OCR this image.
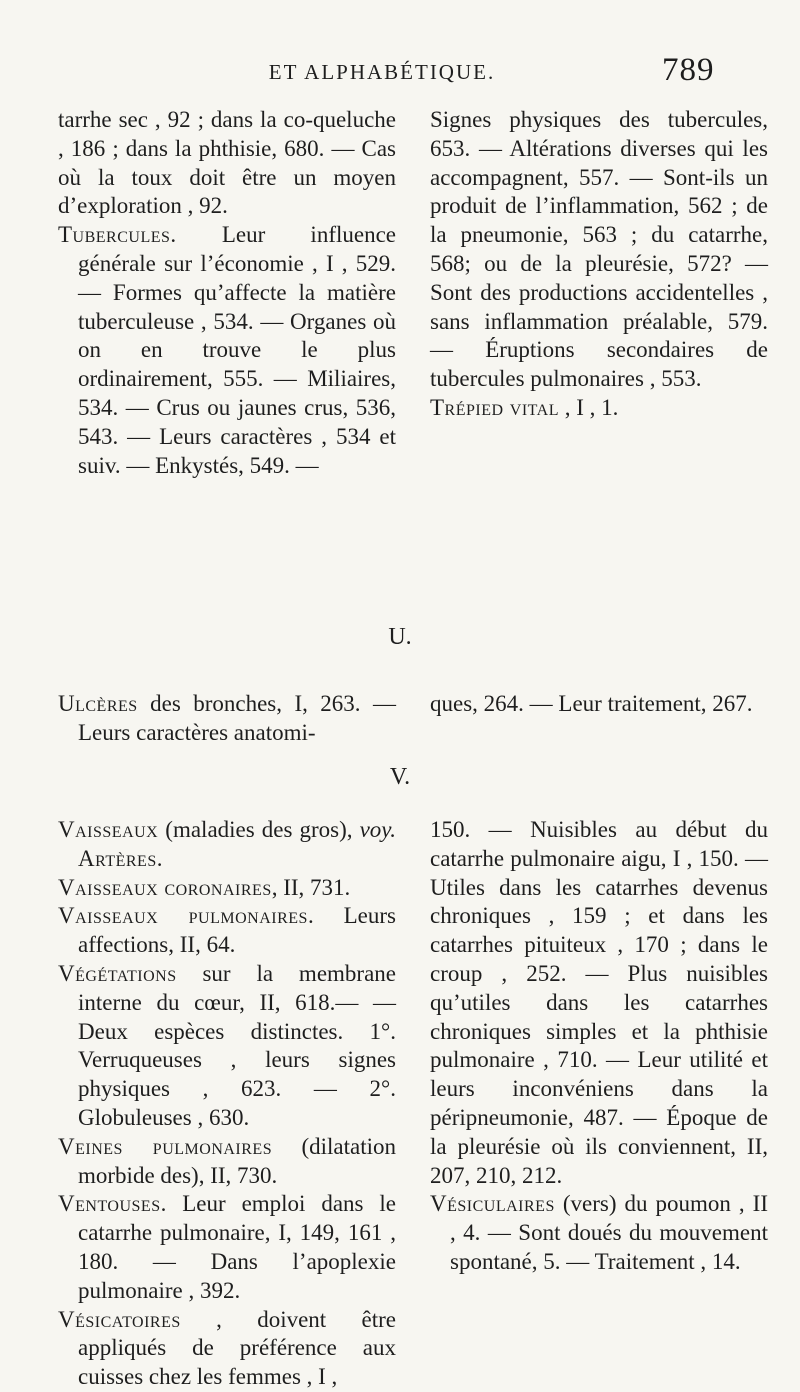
ET ALPHABÉTIQUE.	789

tarrhe sec , 92 ; dans la co-queluche , 186 ; dans la phthisie, 680. — Cas où la toux doit être un moyen d’exploration , 92.

Tubercules. Leur influence générale sur l’économie , I , 529. — Formes qu’affecte la matière tuberculeuse , 534. — Organes où on en trouve le plus ordinairement, 555. — Miliaires, 534. — Crus ou jaunes crus, 536, 543. — Leurs caractères , 534 et suiv. — Enkystés, 549. —

Signes physiques des tubercules, 653. — Altérations diverses qui les accompagnent, 557. — Sont-ils un produit de l’inflammation, 562 ; de la pneumonie, 563 ; du catarrhe, 568; ou de la pleurésie, 572? — Sont des productions accidentelles , sans inflammation préalable, 579. — Éruptions secondaires de tubercules pulmonaires , 553.

Trépied vital , I , 1.

U.

Ulcères des bronches, I, 263. — Leurs caractères anatomi-

ques, 264. — Leur traitement, 267.

V.

Vaisseaux (maladies des gros), voy. Artères.

Vaisseaux coronaires, II, 731.

Vaisseaux pulmonaires. Leurs affections, II, 64.

Végétations sur la membrane interne du cœur, II, 618.— — Deux espèces distinctes. 1°. Verruqueuses , leurs signes physiques , 623. — 2°. Globuleuses , 630.

Veines pulmonaires (dilatation morbide des), II, 730.

Ventouses. Leur emploi dans le catarrhe pulmonaire, I, 149, 161 , 180. — Dans l’apoplexie pulmonaire , 392.

Vésicatoires , doivent être appliqués de préférence aux cuisses chez les femmes , I ,

150. — Nuisibles au début du catarrhe pulmonaire aigu, I , 150. — Utiles dans les catarrhes devenus chroniques , 159 ; et dans les catarrhes pituiteux , 170 ; dans le croup , 252. — Plus nuisibles qu’utiles dans les catarrhes chroniques simples et la phthisie pulmonaire , 710. — Leur utilité et leurs inconvéniens dans la péripneumonie, 487. — Époque de la pleurésie où ils conviennent, II, 207, 210, 212.

Vésiculaires (vers) du poumon , II , 4. — Sont doués du mouvement spontané, 5. — Traitement , 14.
